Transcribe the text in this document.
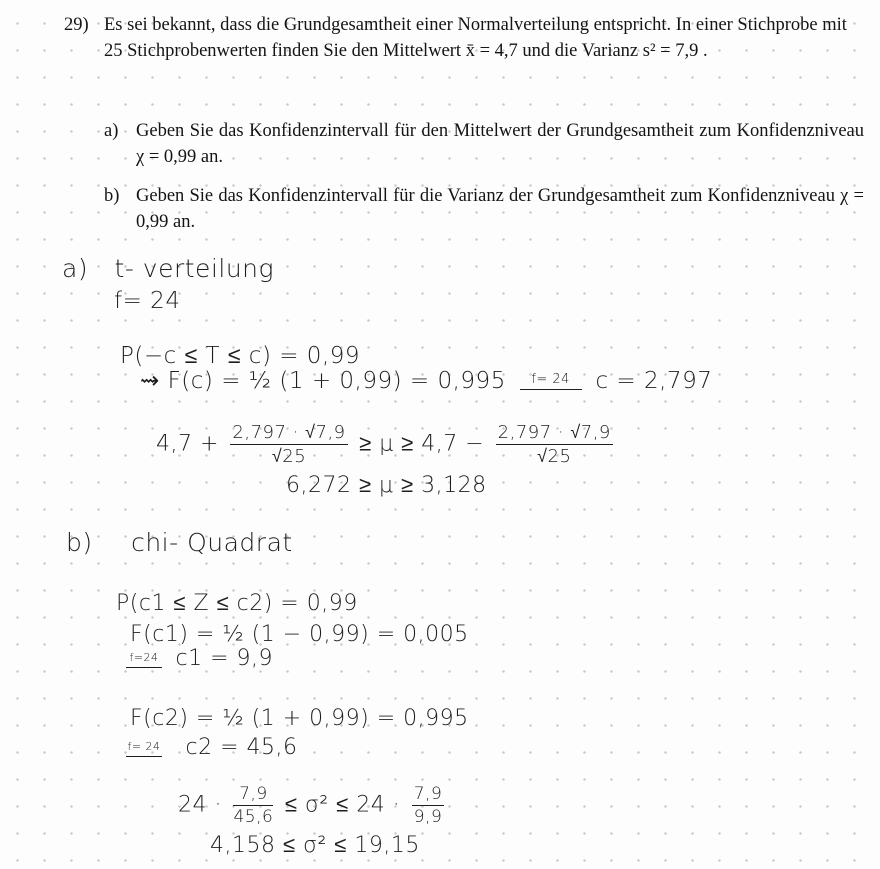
29) Es sei bekannt, dass die Grundgesamtheit einer Normalverteilung entspricht. In einer Stichprobe mit 25 Stichprobenwerten finden Sie den Mittelwert x̄ = 4,7 und die Varianz s² = 7,9 .
a) Geben Sie das Konfidenzintervall für den Mittelwert der Grundgesamtheit zum Konfidenzniveau χ = 0,99 an.
b) Geben Sie das Konfidenzintervall für die Varianz der Grundgesamtheit zum Konfidenzniveau χ = 0,99 an.
a) t- verteilung
f= 24
P(−c ≤ T ≤ c) = 0,99
⇝ F(c) = ½ (1 + 0,99) = 0,995	f= 24	c = 2,797
$4,7 + \frac{2,797 \cdot √7,9}{√25} \ge \mu \ge 4,7 - \frac{2,797 \cdot √7,9}{√25}$
6,272 ≥ μ ≥ 3,128
b) chi- Quadrat
P(c1 ≤ Z ≤ c2) = 0,99
F(c1) = ½ (1 − 0,99) = 0,005
f=24 c1 = 9,9
F(c2) = ½ (1 + 0,99) = 0,995
f= 24 c2 = 45,6
$24 \cdot \frac{7,9}{45,6} \le \sigma^2 \le 24 \cdot \frac{7,9}{9,9}$
4,158 ≤ σ² ≤ 19,15
